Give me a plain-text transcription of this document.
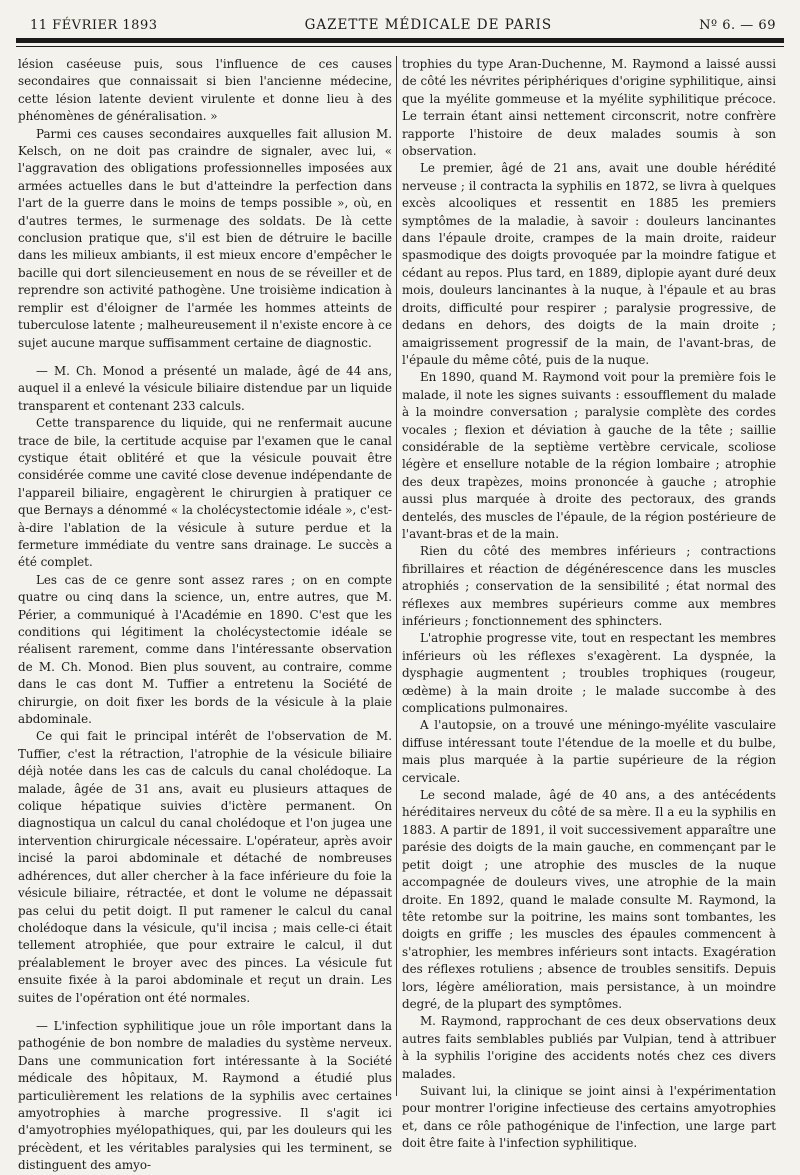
11 FÉVRIER 1893	GAZETTE MÉDICALE DE PARIS	Nº 6. — 69

lésion caséeuse puis, sous l'influence de ces causes secondaires que connaissait si bien l'ancienne médecine, cette lésion latente devient virulente et donne lieu à des phénomènes de généralisation. »

Parmi ces causes secondaires auxquelles fait allusion M. Kelsch, on ne doit pas craindre de signaler, avec lui, « l'aggravation des obligations professionnelles imposées aux armées actuelles dans le but d'atteindre la perfection dans l'art de la guerre dans le moins de temps possible », où, en d'autres termes, le surmenage des soldats. De là cette conclusion pratique que, s'il est bien de détruire le bacille dans les milieux ambiants, il est mieux encore d'empêcher le bacille qui dort silencieusement en nous de se réveiller et de reprendre son activité pathogène. Une troisième indication à remplir est d'éloigner de l'armée les hommes atteints de tuberculose latente ; malheureusement il n'existe encore à ce sujet aucune marque suffisamment certaine de diagnostic.

— M. Ch. Monod a présenté un malade, âgé de 44 ans, auquel il a enlevé la vésicule biliaire distendue par un liquide transparent et contenant 233 calculs.

Cette transparence du liquide, qui ne renfermait aucune trace de bile, la certitude acquise par l'examen que le canal cystique était oblitéré et que la vésicule pouvait être considérée comme une cavité close devenue indépendante de l'appareil biliaire, engagèrent le chirurgien à pratiquer ce que Bernays a dénommé « la cholécystectomie idéale », c'est-à-dire l'ablation de la vésicule à suture perdue et la fermeture immédiate du ventre sans drainage. Le succès a été complet.

Les cas de ce genre sont assez rares ; on en compte quatre ou cinq dans la science, un, entre autres, que M. Périer, a communiqué à l'Académie en 1890. C'est que les conditions qui légitiment la cholécystectomie idéale se réalisent rarement, comme dans l'intéressante observation de M. Ch. Monod. Bien plus souvent, au contraire, comme dans le cas dont M. Tuffier a entretenu la Société de chirurgie, on doit fixer les bords de la vésicule à la plaie abdominale.

Ce qui fait le principal intérêt de l'observation de M. Tuffier, c'est la rétraction, l'atrophie de la vésicule biliaire déjà notée dans les cas de calculs du canal cholédoque. La malade, âgée de 31 ans, avait eu plusieurs attaques de colique hépatique suivies d'ictère permanent. On diagnostiqua un calcul du canal cholédoque et l'on jugea une intervention chirurgicale nécessaire. L'opérateur, après avoir incisé la paroi abdominale et détaché de nombreuses adhérences, dut aller chercher à la face inférieure du foie la vésicule biliaire, rétractée, et dont le volume ne dépassait pas celui du petit doigt. Il put ramener le calcul du canal cholédoque dans la vésicule, qu'il incisa ; mais celle-ci était tellement atrophiée, que pour extraire le calcul, il dut préalablement le broyer avec des pinces. La vésicule fut ensuite fixée à la paroi abdominale et reçut un drain. Les suites de l'opération ont été normales.

— L'infection syphilitique joue un rôle important dans la pathogénie de bon nombre de maladies du système nerveux. Dans une communication fort intéressante à la Société médicale des hôpitaux, M. Raymond a étudié plus particulièrement les relations de la syphilis avec certaines amyotrophies à marche progressive. Il s'agit ici d'amyotrophies myélopathiques, qui, par les douleurs qui les précèdent, et les véritables paralysies qui les terminent, se distinguent des amyo-

trophies du type Aran-Duchenne, M. Raymond a laissé aussi de côté les névrites périphériques d'origine syphilitique, ainsi que la myélite gommeuse et la myélite syphilitique précoce. Le terrain étant ainsi nettement circonscrit, notre confrère rapporte l'histoire de deux malades soumis à son observation.

Le premier, âgé de 21 ans, avait une double hérédité nerveuse ; il contracta la syphilis en 1872, se livra à quelques excès alcooliques et ressentit en 1885 les premiers symptômes de la maladie, à savoir : douleurs lancinantes dans l'épaule droite, crampes de la main droite, raideur spasmodique des doigts provoquée par la moindre fatigue et cédant au repos. Plus tard, en 1889, diplopie ayant duré deux mois, douleurs lancinantes à la nuque, à l'épaule et au bras droits, difficulté pour respirer ; paralysie progressive, de dedans en dehors, des doigts de la main droite ; amaigrissement progressif de la main, de l'avant-bras, de l'épaule du même côté, puis de la nuque.

En 1890, quand M. Raymond voit pour la première fois le malade, il note les signes suivants : essoufflement du malade à la moindre conversation ; paralysie complète des cordes vocales ; flexion et déviation à gauche de la tête ; saillie considérable de la septième vertèbre cervicale, scoliose légère et ensellure notable de la région lombaire ; atrophie des deux trapèzes, moins prononcée à gauche ; atrophie aussi plus marquée à droite des pectoraux, des grands dentelés, des muscles de l'épaule, de la région postérieure de l'avant-bras et de la main.

Rien du côté des membres inférieurs ; contractions fibrillaires et réaction de dégénérescence dans les muscles atrophiés ; conservation de la sensibilité ; état normal des réflexes aux membres supérieurs comme aux membres inférieurs ; fonctionnement des sphincters.

L'atrophie progresse vite, tout en respectant les membres inférieurs où les réflexes s'exagèrent. La dyspnée, la dysphagie augmentent ; troubles trophiques (rougeur, œdème) à la main droite ; le malade succombe à des complications pulmonaires.

A l'autopsie, on a trouvé une méningo-myélite vasculaire diffuse intéressant toute l'étendue de la moelle et du bulbe, mais plus marquée à la partie supérieure de la région cervicale.

Le second malade, âgé de 40 ans, a des antécédents héréditaires nerveux du côté de sa mère. Il a eu la syphilis en 1883. A partir de 1891, il voit successivement apparaître une parésie des doigts de la main gauche, en commençant par le petit doigt ; une atrophie des muscles de la nuque accompagnée de douleurs vives, une atrophie de la main droite. En 1892, quand le malade consulte M. Raymond, la tête retombe sur la poitrine, les mains sont tombantes, les doigts en griffe ; les muscles des épaules commencent à s'atrophier, les membres inférieurs sont intacts. Exagération des réflexes rotuliens ; absence de troubles sensitifs. Depuis lors, légère amélioration, mais persistance, à un moindre degré, de la plupart des symptômes.

M. Raymond, rapprochant de ces deux observations deux autres faits semblables publiés par Vulpian, tend à attribuer à la syphilis l'origine des accidents notés chez ces divers malades.

Suivant lui, la clinique se joint ainsi à l'expérimentation pour montrer l'origine infectieuse des certains amyotrophies et, dans ce rôle pathogénique de l'infection, une large part doit être faite à l'infection syphilitique.
